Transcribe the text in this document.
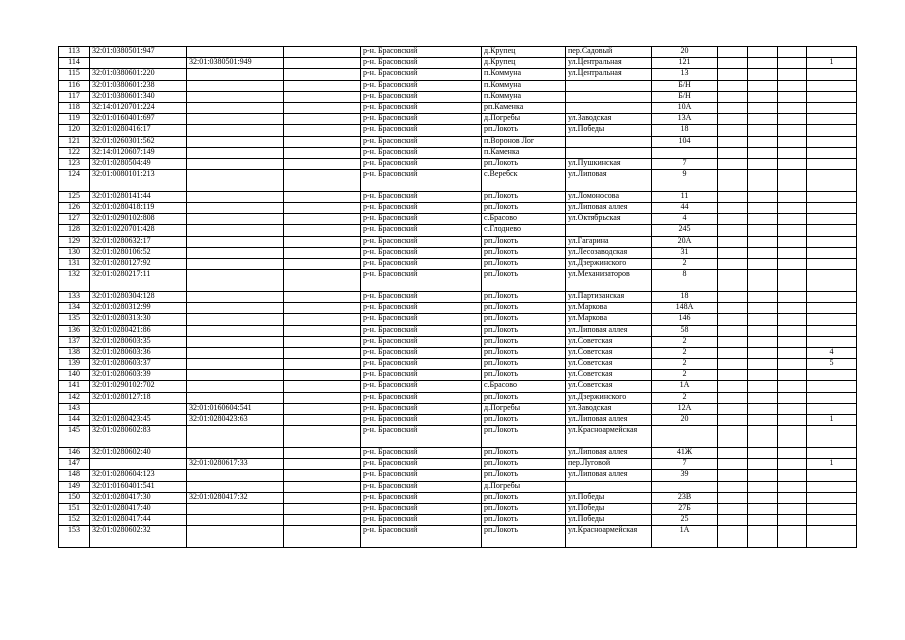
113	32:01:0380501:947			р-н. Брасовский	д.Крупец	пер.Садовый	20				
114		32:01:0380501:949		р-н. Брасовский	д.Крупец	ул.Центральная	121				1
115	32:01:0380601:220			р-н. Брасовский	п.Коммуна	ул.Центральная	13				
116	32:01:0380601:238			р-н. Брасовский	п.Коммуна		Б/Н				
117	32:01:0380601:340			р-н. Брасовский	п.Коммуна		Б/Н				
118	32:14:0120701:224			р-н. Брасовский	рп.Каменка		10А				
119	32:01:0160401:697			р-н. Брасовский	д.Погребы	ул.Заводская	13А				
120	32:01:0280416:17			р-н. Брасовский	рп.Локоть	ул.Победы	18				
121	32:01:0260301:562			р-н. Брасовский	п.Воронов Лог		104				
122	32:14:0120607:149			р-н. Брасовский	п.Каменка						
123	32:01:0280504:49			р-н. Брасовский	рп.Локоть	ул.Пушкинская	7				
124	32:01:0080101:213			р-н. Брасовский	с.Веребск	ул.Липовая	9				
125	32:01:0280141:44			р-н. Брасовский	рп.Локоть	ул.Ломоносова	11				
126	32:01:0280418:119			р-н. Брасовский	рп.Локоть	ул.Липовая аллея	44				
127	32:01:0290102:808			р-н. Брасовский	с.Брасово	ул.Октябрьская	4				
128	32:01:0220701:428			р-н. Брасовский	с.Глоднево		245				
129	32:01:0280632:17			р-н. Брасовский	рп.Локоть	ул.Гагарина	20А				
130	32:01:0280106:52			р-н. Брасовский	рп.Локоть	ул.Лесозаводская	31				
131	32:01:0280127:92			р-н. Брасовский	рп.Локоть	ул.Дзержинского	2				
132	32:01:0280217:11			р-н. Брасовский	рп.Локоть	ул.Механизаторов	8				
133	32:01:0280304:128			р-н. Брасовский	рп.Локоть	ул.Партизанская	18				
134	32:01:0280312:99			р-н. Брасовский	рп.Локоть	ул.Маркова	148А				
135	32:01:0280313:30			р-н. Брасовский	рп.Локоть	ул.Маркова	146				
136	32:01:0280421:86			р-н. Брасовский	рп.Локоть	ул.Липовая аллея	58				
137	32:01:0280603:35			р-н. Брасовский	рп.Локоть	ул.Советская	2				
138	32:01:0280603:36			р-н. Брасовский	рп.Локоть	ул.Советская	2				4
139	32:01:0280603:37			р-н. Брасовский	рп.Локоть	ул.Советская	2				5
140	32:01:0280603:39			р-н. Брасовский	рп.Локоть	ул.Советская	2				
141	32:01:0290102:702			р-н. Брасовский	с.Брасово	ул.Советская	1А				
142	32:01:0280127:18			р-н. Брасовский	рп.Локоть	ул.Дзержинского	2				
143		32:01:0160604:541		р-н. Брасовский	д.Погребы	ул.Заводская	12А				
144	32:01:0280423:45	32:01:0280423:63		р-н. Брасовский	рп.Локоть	ул.Липовая аллея	20				1
145	32:01:0280602:83			р-н. Брасовский	рп.Локоть	ул.Красноармейская					
146	32:01:0280602:40			р-н. Брасовский	рп.Локоть	ул.Липовая аллея	41Ж				
147		32:01:0280617:33		р-н. Брасовский	рп.Локоть	пер.Луговой	7				1
148	32:01:0280604:123			р-н. Брасовский	рп.Локоть	ул.Липовая аллея	39				
149	32:01:0160401:541			р-н. Брасовский	д.Погребы						
150	32:01:0280417:30	32:01:0280417:32		р-н. Брасовский	рп.Локоть	ул.Победы	23В				
151	32:01:0280417:40			р-н. Брасовский	рп.Локоть	ул.Победы	27Б				
152	32:01:0280417:44			р-н. Брасовский	рп.Локоть	ул.Победы	25				
153	32:01:0280602:32			р-н. Брасовский	рп.Локоть	ул.Красноармейская	1А				
